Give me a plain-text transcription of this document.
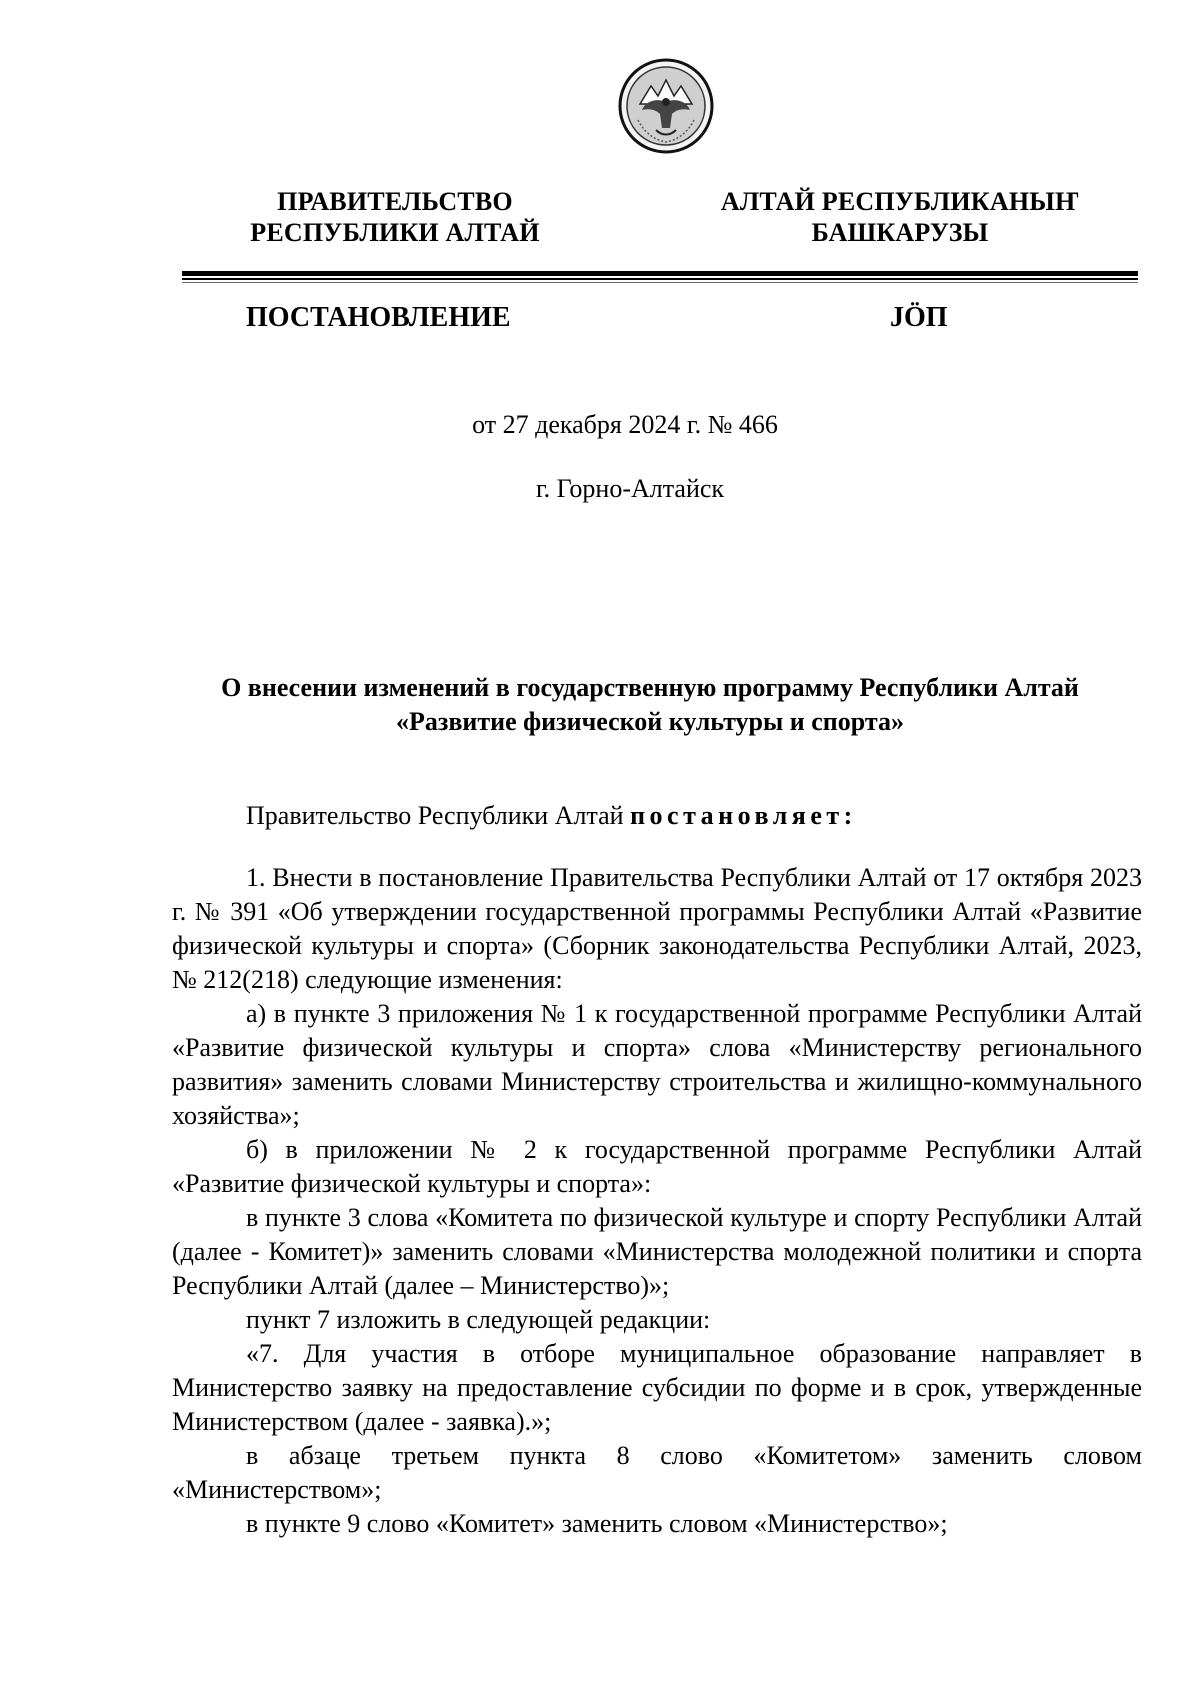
ПРАВИТЕЛЬСТВО
РЕСПУБЛИКИ АЛТАЙ
АЛТАЙ РЕСПУБЛИКАНЫҤ
БАШКАРУЗЫ
ПОСТАНОВЛЕНИЕ	JӦП
от 27 декабря 2024 г. № 466
г. Горно-Алтайск
О внесении изменений в государственную программу Республики Алтай
«Развитие физической культуры и спорта»
Правительство Республики Алтай постановляет:

1. Внести в постановление Правительства Республики Алтай от 17 октября 2023 г. № 391 «Об утверждении государственной программы Республики Алтай «Развитие физической культуры и спорта» (Сборник законодательства Республики Алтай, 2023, № 212(218) следующие изменения:

а) в пункте 3 приложения № 1 к государственной программе Республики Алтай «Развитие физической культуры и спорта» слова «Министерству регионального развития» заменить словами Министерству строительства и жилищно-коммунального хозяйства»;

б) в приложении № 2 к государственной программе Республики Алтай «Развитие физической культуры и спорта»:

в пункте 3 слова «Комитета по физической культуре и спорту Республики Алтай (далее - Комитет)» заменить словами «Министерства молодежной политики и спорта Республики Алтай (далее – Министерство)»;

пункт 7 изложить в следующей редакции:

«7. Для участия в отборе муниципальное образование направляет в Министерство заявку на предоставление субсидии по форме и в срок, утвержденные Министерством (далее - заявка).»;

в абзаце третьем пункта 8 слово «Комитетом» заменить словом «Министерством»;

в пункте 9 слово «Комитет» заменить словом «Министерство»;
